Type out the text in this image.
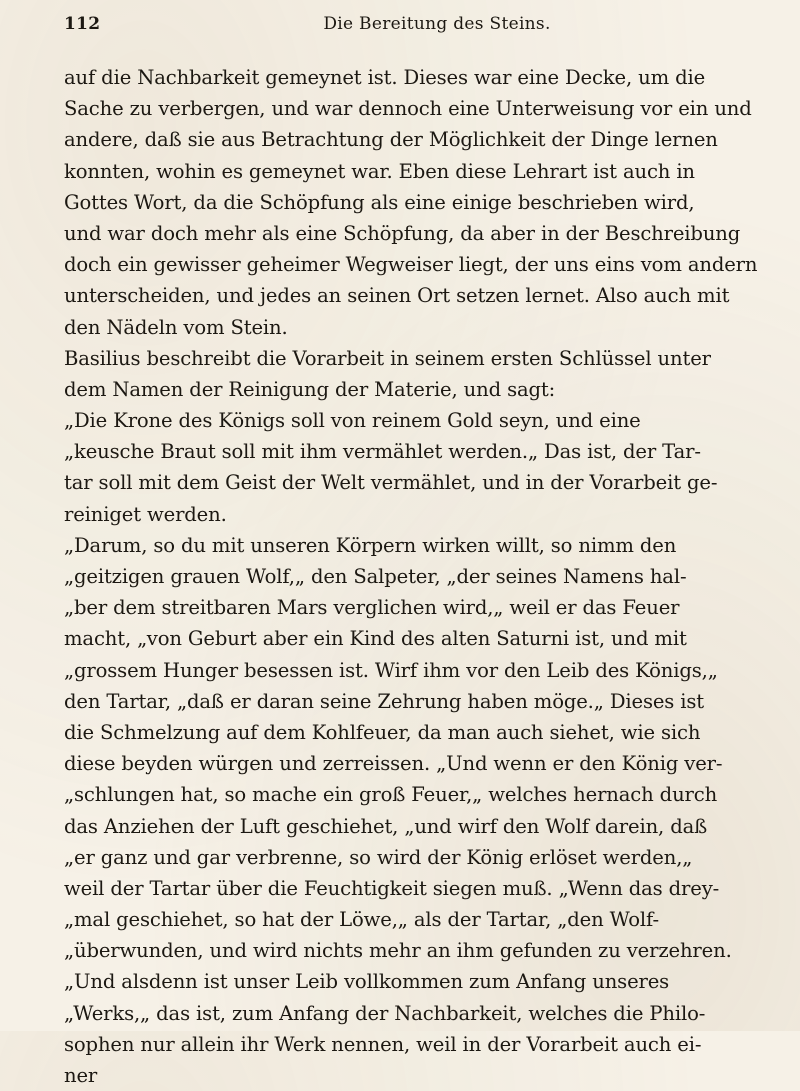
112	Die Bereitung des Steins.
auf die Nachbarkeit gemeynet ist. Dieses war eine Decke, um die
Sache zu verbergen, und war dennoch eine Unterweisung vor ein und
andere, daß sie aus Betrachtung der Möglichkeit der Dinge lernen
konnten, wohin es gemeynet war. Eben diese Lehrart ist auch in
Gottes Wort, da die Schöpfung als eine einige beschrieben wird,
und war doch mehr als eine Schöpfung, da aber in der Beschreibung
doch ein gewisser geheimer Wegweiser liegt, der uns eins vom andern
unterscheiden, und jedes an seinen Ort setzen lernet. Also auch mit
den Nädeln vom Stein.
Basilius beschreibt die Vorarbeit in seinem ersten Schlüssel unter
dem Namen der Reinigung der Materie, und sagt:
„Die Krone des Königs soll von reinem Gold seyn, und eine
„keusche Braut soll mit ihm vermählet werden.„ Das ist, der Tar-
tar soll mit dem Geist der Welt vermählet, und in der Vorarbeit ge-
reiniget werden.
„Darum, so du mit unseren Körpern wirken willt, so nimm den
„geitzigen grauen Wolf,„ den Salpeter, „der seines Namens hal-
„ber dem streitbaren Mars verglichen wird,„ weil er das Feuer
macht, „von Geburt aber ein Kind des alten Saturni ist, und mit
„grossem Hunger besessen ist. Wirf ihm vor den Leib des Königs,„
den Tartar, „daß er daran seine Zehrung haben möge.„ Dieses ist
die Schmelzung auf dem Kohlfeuer, da man auch siehet, wie sich
diese beyden würgen und zerreissen. „Und wenn er den König ver-
„schlungen hat, so mache ein groß Feuer,„ welches hernach durch
das Anziehen der Luft geschiehet, „und wirf den Wolf darein, daß
„er ganz und gar verbrenne, so wird der König erlöset werden,„
weil der Tartar über die Feuchtigkeit siegen muß. „Wenn das drey-
„mal geschiehet, so hat der Löwe,„ als der Tartar, „den Wolf-
„überwunden, und wird nichts mehr an ihm gefunden zu verzehren.
„Und alsdenn ist unser Leib vollkommen zum Anfang unseres
„Werks,„ das ist, zum Anfang der Nachbarkeit, welches die Philo-
sophen nur allein ihr Werk nennen, weil in der Vorarbeit auch ei-
ner
